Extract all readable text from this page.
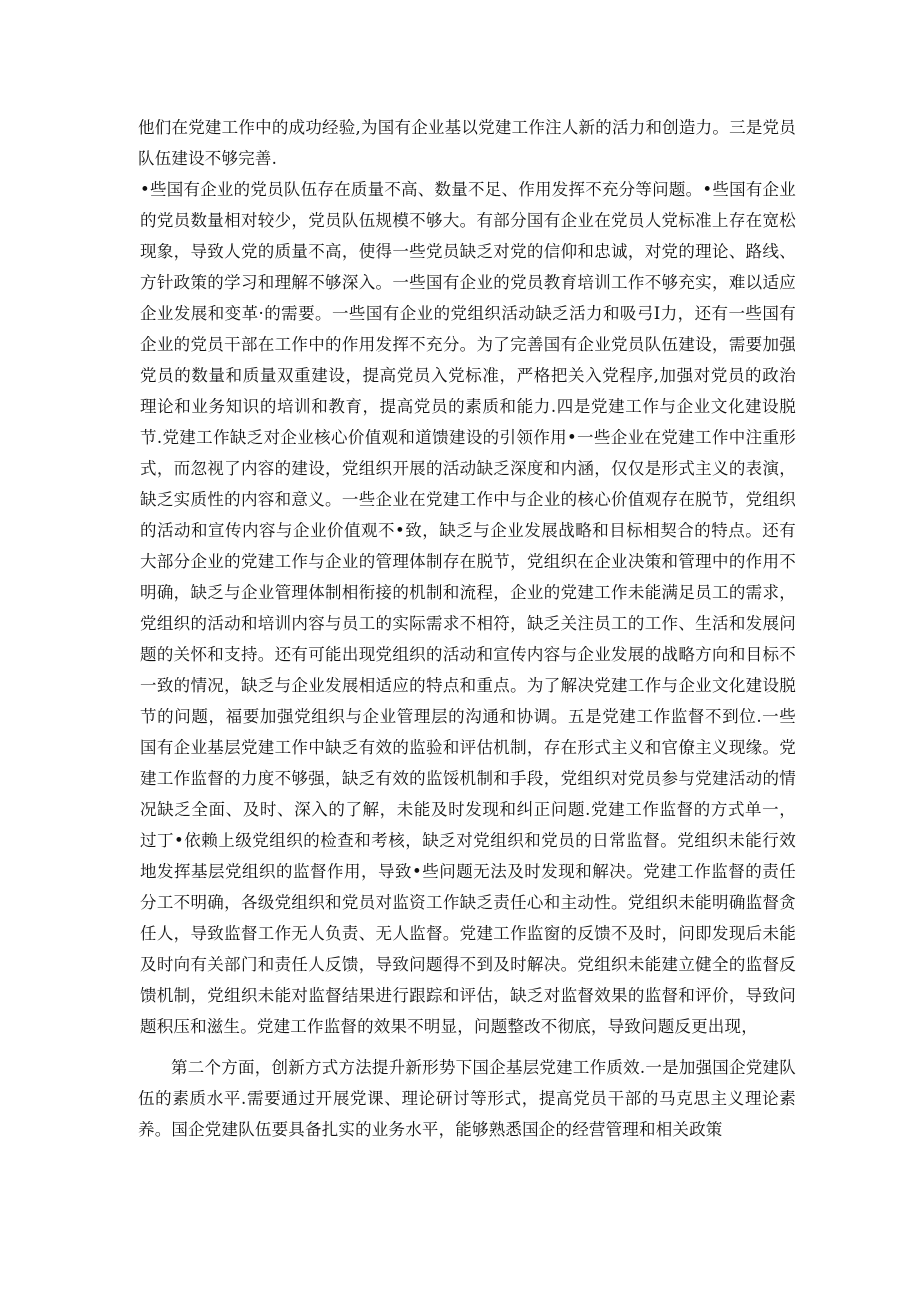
他们在党建工作中的成功经验,为国有企业基以党建工作注人新的活力和创造力。三是党员队伍建设不够完善.

•些国有企业的党员队伍存在质量不高、数量不足、作用发挥不充分等问题。•些国有企业的党员数量相对较少，党员队伍规模不够大。有部分国有企业在党员人党标准上存在宽松现象，导致人党的质量不高，使得一些党员缺乏对党的信仰和忠诚，对党的理论、路线、方针政策的学习和理解不够深入。一些国有企业的党员教育培训工作不够充实，难以适应企业发展和变革·的需要。一些国有企业的党组织活动缺乏活力和吸弓I力，还有一些国有企业的党员干部在工作中的作用发挥不充分。为了完善国有企业党员队伍建设，需要加强党员的数量和质量双重建设，提高党员入党标准，严格把关入党程序,加强对党员的政治理论和业务知识的培训和教育，提高党员的素质和能力.四是党建工作与企业文化建设脱节.党建工作缺乏对企业核心价值观和道馈建设的引领作用•一些企业在党建工作中注重形式，而忽视了内容的建设，党组织开展的活动缺乏深度和内涵，仅仅是形式主义的表演，缺乏实质性的内容和意义。一些企业在党建工作中与企业的核心价值观存在脱节，党组织的活动和宣传内容与企业价值观不•致，缺乏与企业发展战略和目标相契合的特点。还有大部分企业的党建工作与企业的管理体制存在脱节，党组织在企业决策和管理中的作用不明确，缺乏与企业管理体制相衔接的机制和流程，企业的党建工作未能满足员工的需求，党组织的活动和培训内容与员工的实际需求不相符，缺乏关注员工的工作、生活和发展问题的关怀和支持。还有可能出现党组织的活动和宣传内容与企业发展的战略方向和目标不一致的情况，缺乏与企业发展相适应的特点和重点。为了解决党建工作与企业文化建设脱节的问题，福要加强党组织与企业管理层的沟通和协调。五是党建工作监督不到位.一些国有企业基层党建工作中缺乏有效的监验和评估机制，存在形式主义和官僚主义现缘。党建工作监督的力度不够强，缺乏有效的监馁机制和手段，党组织对党员参与党建活动的情况缺乏全面、及时、深入的了解，未能及时发现和纠正问题.党建工作监督的方式单一，过丁•依赖上级党组织的检查和考核，缺乏对党组织和党员的日常监督。党组织未能行效地发挥基层党组织的监督作用，导致•些问题无法及时发现和解决。党建工作监督的责任分工不明确，各级党组织和党员对监资工作缺乏责任心和主动性。党组织未能明确监督贪任人，导致监督工作无人负责、无人监督。党建工作监窗的反馈不及时，问即发现后未能及时向有关部门和责任人反馈，导致问题得不到及时解决。党组织未能建立健全的监督反馈机制，党组织未能对监督结果进行跟踪和评估，缺乏对监督效果的监督和评价，导致问题积压和滋生。党建工作监督的效果不明显，问题整改不彻底，导致问题反更出现，

第二个方面，创新方式方法提升新形势下国企基层党建工作质效.一是加强国企党建队伍的素质水平.需要通过开展党课、理论研讨等形式，提高党员干部的马克思主义理论素养。国企党建队伍要具备扎实的业务水平，能够熟悉国企的经营管理和相关政策
